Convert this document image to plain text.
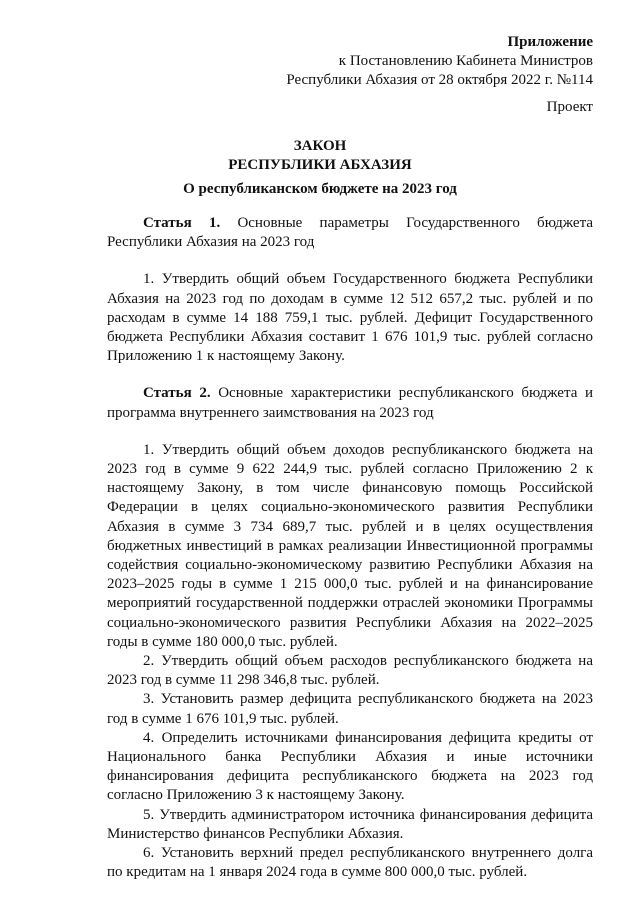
Приложение
к Постановлению Кабинета Министров
Республики Абхазия от 28 октября 2022 г. №114
Проект
ЗАКОН
РЕСПУБЛИКИ АБХАЗИЯ
О республиканском бюджете на 2023 год

Статья 1. Основные параметры Государственного бюджета Республики Абхазия на 2023 год

1. Утвердить общий объем Государственного бюджета Республики Абхазия на 2023 год по доходам в сумме 12 512 657,2 тыс. рублей и по расходам в сумме 14 188 759,1 тыс. рублей. Дефицит Государственного бюджета Республики Абхазия составит 1 676 101,9 тыс. рублей согласно Приложению 1 к настоящему Закону.

Статья 2. Основные характеристики республиканского бюджета и программа внутреннего заимствования на 2023 год

1. Утвердить общий объем доходов республиканского бюджета на 2023 год в сумме 9 622 244,9 тыс. рублей согласно Приложению 2 к настоящему Закону, в том числе финансовую помощь Российской Федерации в целях социально-экономического развития Республики Абхазия в сумме 3 734 689,7 тыс. рублей и в целях осуществления бюджетных инвестиций в рамках реализации Инвестиционной программы содействия социально-экономическому развитию Республики Абхазия на 2023–2025 годы в сумме 1 215 000,0 тыс. рублей и на финансирование мероприятий государственной поддержки отраслей экономики Программы социально-экономического развития Республики Абхазия на 2022–2025 годы в сумме 180 000,0 тыс. рублей.

2. Утвердить общий объем расходов республиканского бюджета на 2023 год в сумме 11 298 346,8 тыс. рублей.

3. Установить размер дефицита республиканского бюджета на 2023 год в сумме 1 676 101,9 тыс. рублей.

4. Определить источниками финансирования дефицита кредиты от Национального банка Республики Абхазия и иные источники финансирования дефицита республиканского бюджета на 2023 год согласно Приложению 3 к настоящему Закону.

5. Утвердить администратором источника финансирования дефицита Министерство финансов Республики Абхазия.

6. Установить верхний предел республиканского внутреннего долга по кредитам на 1 января 2024 года в сумме 800 000,0 тыс. рублей.
